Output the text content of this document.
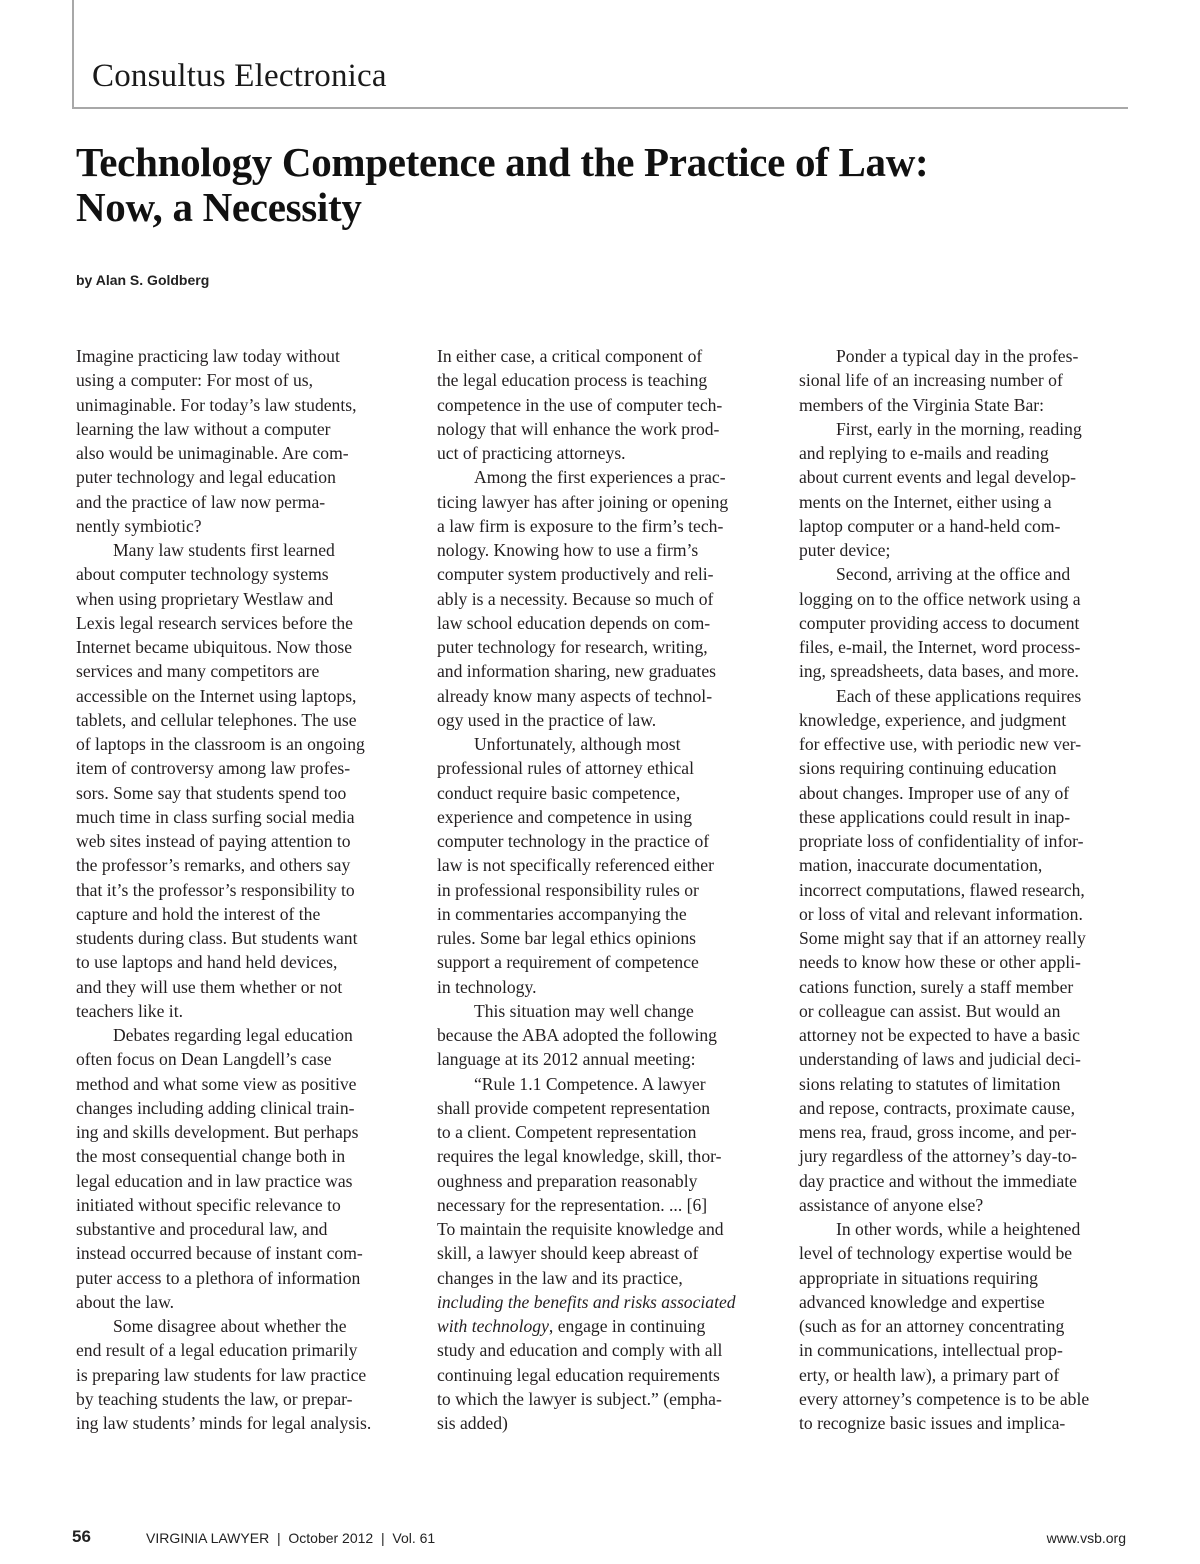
Consultus Electronica
Technology Competence and the Practice of Law:
Now, a Necessity
by Alan S. Goldberg
Imagine practicing law today without
using a computer: For most of us,
unimaginable. For today’s law students,
learning the law without a computer
also would be unimaginable. Are com-
puter technology and legal education
and the practice of law now perma-
nently symbiotic?
Many law students first learned
about computer technology systems
when using proprietary Westlaw and
Lexis legal research services before the
Internet became ubiquitous. Now those
services and many competitors are
accessible on the Internet using laptops,
tablets, and cellular telephones. The use
of laptops in the classroom is an ongoing
item of controversy among law profes-
sors. Some say that students spend too
much time in class surfing social media
web sites instead of paying attention to
the professor’s remarks, and others say
that it’s the professor’s responsibility to
capture and hold the interest of the
students during class. But students want
to use laptops and hand held devices,
and they will use them whether or not
teachers like it.
Debates regarding legal education
often focus on Dean Langdell’s case
method and what some view as positive
changes including adding clinical train-
ing and skills development. But perhaps
the most consequential change both in
legal education and in law practice was
initiated without specific relevance to
substantive and procedural law, and
instead occurred because of instant com-
puter access to a plethora of information
about the law.
Some disagree about whether the
end result of a legal education primarily
is preparing law students for law practice
by teaching students the law, or prepar-
ing law students’ minds for legal analysis.
In either case, a critical component of
the legal education process is teaching
competence in the use of computer tech-
nology that will enhance the work prod-
uct of practicing attorneys.
Among the first experiences a prac-
ticing lawyer has after joining or opening
a law firm is exposure to the firm’s tech-
nology. Knowing how to use a firm’s
computer system productively and reli-
ably is a necessity. Because so much of
law school education depends on com-
puter technology for research, writing,
and information sharing, new graduates
already know many aspects of technol-
ogy used in the practice of law.
Unfortunately, although most
professional rules of attorney ethical
conduct require basic competence,
experience and competence in using
computer technology in the practice of
law is not specifically referenced either
in professional responsibility rules or
in commentaries accompanying the
rules. Some bar legal ethics opinions
support a requirement of competence
in technology.
This situation may well change
because the ABA adopted the following
language at its 2012 annual meeting:
“Rule 1.1 Competence. A lawyer
shall provide competent representation
to a client. Competent representation
requires the legal knowledge, skill, thor-
oughness and preparation reasonably
necessary for the representation. ... [6]
To maintain the requisite knowledge and
skill, a lawyer should keep abreast of
changes in the law and its practice,
including the benefits and risks associated
with technology, engage in continuing
study and education and comply with all
continuing legal education requirements
to which the lawyer is subject.” (empha-
sis added)
Ponder a typical day in the profes-
sional life of an increasing number of
members of the Virginia State Bar:
First, early in the morning, reading
and replying to e-mails and reading
about current events and legal develop-
ments on the Internet, either using a
laptop computer or a hand-held com-
puter device;
Second, arriving at the office and
logging on to the office network using a
computer providing access to document
files, e-mail, the Internet, word process-
ing, spreadsheets, data bases, and more.
Each of these applications requires
knowledge, experience, and judgment
for effective use, with periodic new ver-
sions requiring continuing education
about changes. Improper use of any of
these applications could result in inap-
propriate loss of confidentiality of infor-
mation, inaccurate documentation,
incorrect computations, flawed research,
or loss of vital and relevant information.
Some might say that if an attorney really
needs to know how these or other appli-
cations function, surely a staff member
or colleague can assist. But would an
attorney not be expected to have a basic
understanding of laws and judicial deci-
sions relating to statutes of limitation
and repose, contracts, proximate cause,
mens rea, fraud, gross income, and per-
jury regardless of the attorney’s day-to-
day practice and without the immediate
assistance of anyone else?
In other words, while a heightened
level of technology expertise would be
appropriate in situations requiring
advanced knowledge and expertise
(such as for an attorney concentrating
in communications, intellectual prop-
erty, or health law), a primary part of
every attorney’s competence is to be able
to recognize basic issues and implica-
56	VIRGINIA LAWYER  |  October 2012  |  Vol. 61	www.vsb.org
